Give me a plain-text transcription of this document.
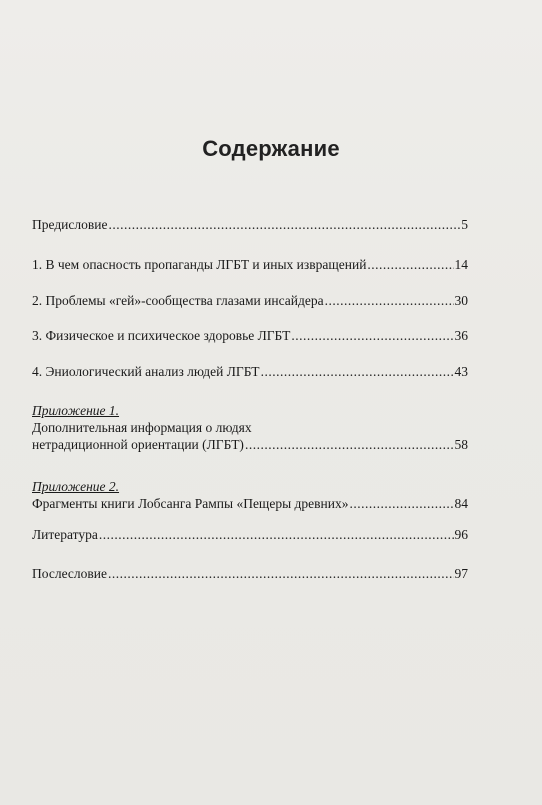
Содержание
Предисловие .....	5
1. В чем опасность пропаганды ЛГБТ и иных извращений .....	14
2. Проблемы «гей»-сообщества глазами инсайдера .....	30
3. Физическое и психическое здоровье ЛГБТ .....	36
4. Эниологический анализ людей ЛГБТ .....	43
Приложение 1.
Дополнительная информация о людях
нетрадиционной ориентации (ЛГБТ) .....	58
Приложение 2.
Фрагменты книги Лобсанга Рампы «Пещеры древних» .....	84
Литература .....	96
Послесловие .....	97
